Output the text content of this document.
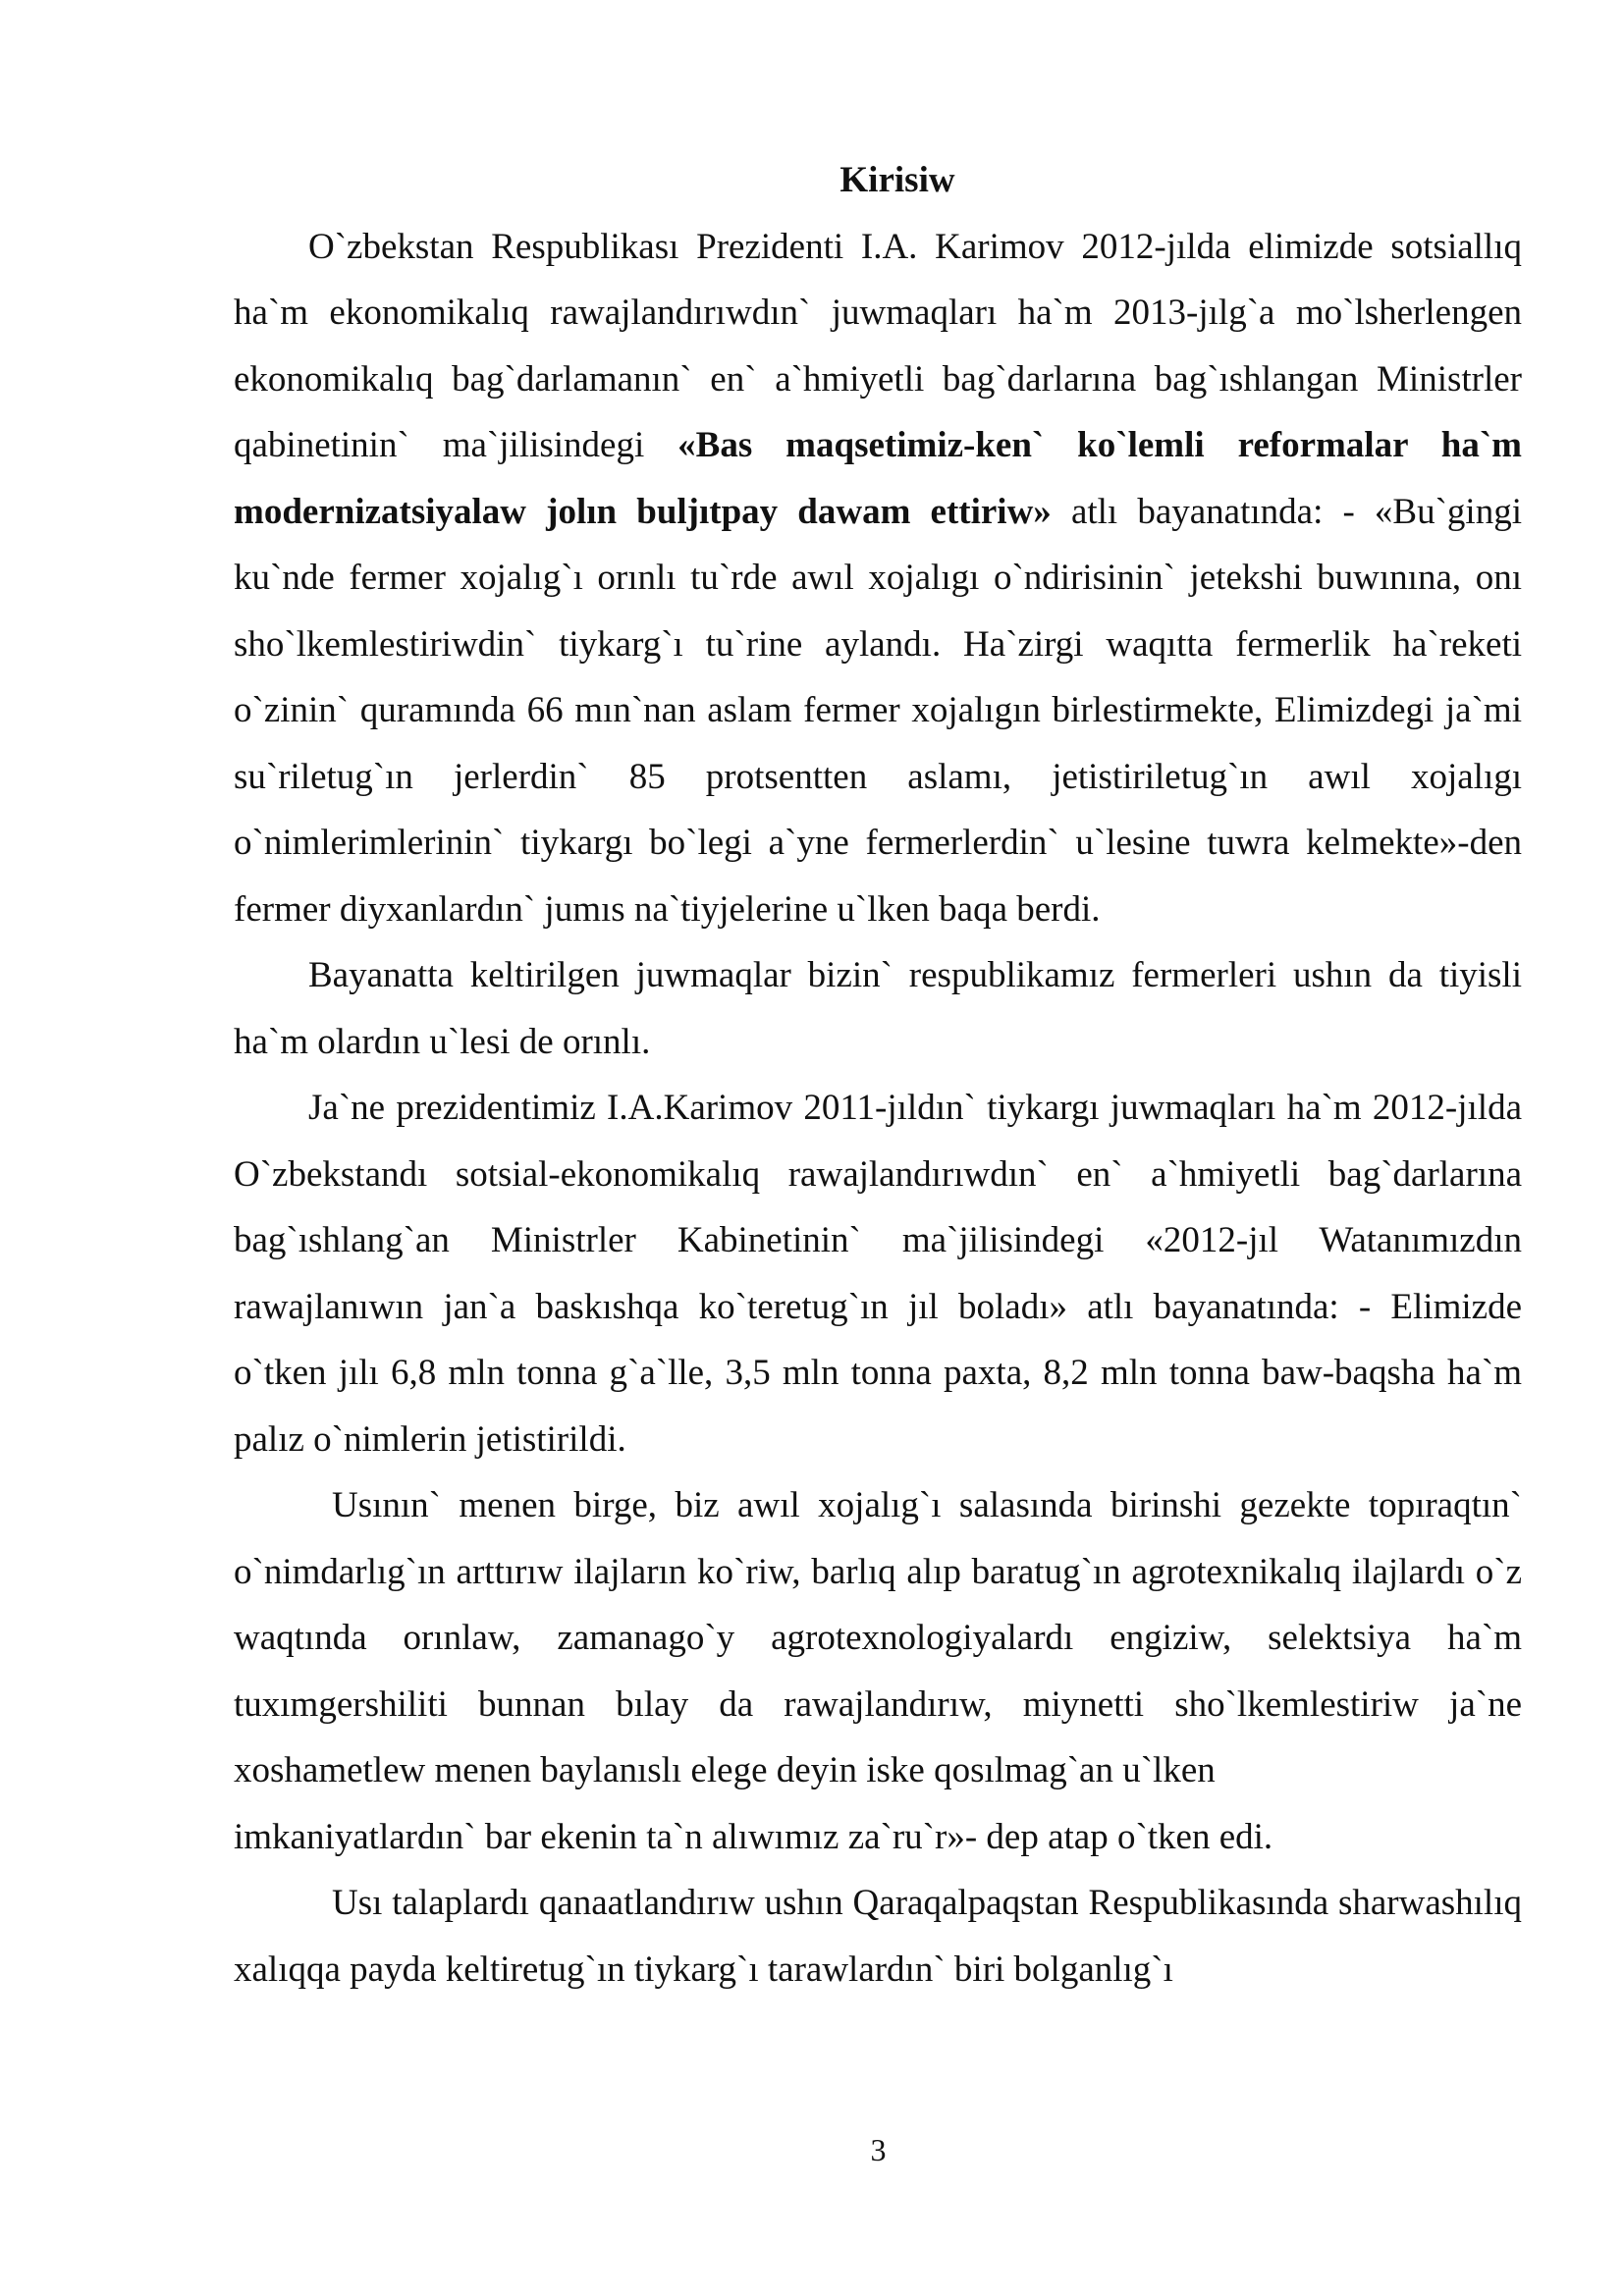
Kirisiw

O`zbekstan Respublikası Prezidenti I.A. Karimov 2012-jılda elimizde sotsiallıq ha`m ekonomikalıq rawajlandırıwdın` juwmaqları ha`m 2013-jılg`a mo`lsherlengen ekonomikalıq bag`darlamanın` en` a`hmiyetli bag`darlarına bag`ıshlangan Ministrler qabinetinin` ma`jilisindegi «Bas maqsetimiz-ken` ko`lemli reformalar ha`m modernizatsiyalaw jolın buljıtpay dawam ettiriw» atlı bayanatında: - «Bu`gingi ku`nde fermer xojalıg`ı orınlı tu`rde awıl xojalıgı o`ndirisinin` jetekshi buwınına, onı sho`lkemlestiriwdin` tiykarg`ı tu`rine aylandı. Ha`zirgi waqıtta fermerlik ha`reketi o`zinin` quramında 66 mın`nan aslam fermer xojalıgın birlestirmekte, Elimizdegi ja`mi su`riletug`ın jerlerdin` 85 protsentten aslamı, jetistiriletug`ın awıl xojalıgı o`nimlerimlerinin` tiykargı bo`legi a`yne fermerlerdin` u`lesine tuwra kelmekte»-den fermer diyxanlardın` jumıs na`tiyjelerine u`lken baqa berdi.

Bayanatta keltirilgen juwmaqlar bizin` respublikamız fermerleri ushın da tiyisli ha`m olardın u`lesi de orınlı.

Ja`ne prezidentimiz I.A.Karimov 2011-jıldın` tiykargı juwmaqları ha`m 2012-jılda O`zbekstandı sotsial-ekonomikalıq rawajlandırıwdın` en` a`hmiyetli bag`darlarına bag`ıshlang`an Ministrler Kabinetinin` ma`jilisindegi «2012-jıl Watanımızdın rawajlanıwın jan`a baskıshqa ko`teretug`ın jıl boladı» atlı bayanatında: - Elimizde o`tken jılı 6,8 mln tonna g`a`lle, 3,5 mln tonna paxta, 8,2 mln tonna baw-baqsha ha`m palız o`nimlerin jetistirildi.

Usının` menen birge, biz awıl xojalıg`ı salasında birinshi gezekte topıraqtın` o`nimdarlıg`ın arttırıw ilajların ko`riw, barlıq alıp baratug`ın agrotexnikalıq ilajlardı o`z waqtında orınlaw, zamanago`y agrotexnologiyalardı engiziw, selektsiya ha`m tuxımgershiliti bunnan bılay da rawajlandırıw, miynetti sho`lkemlestiriw ja`ne xoshametlew menen baylanıslı elege deyin iske qosılmag`an u`lken

imkaniyatlardın` bar ekenin ta`n alıwımız za`ru`r»- dep atap o`tken edi.

Usı talaplardı qanaatlandırıw ushın Qaraqalpaqstan Respublikasında sharwashılıq xalıqqa payda keltiretug`ın tiykarg`ı tarawlardın` biri bolganlıg`ı

3
